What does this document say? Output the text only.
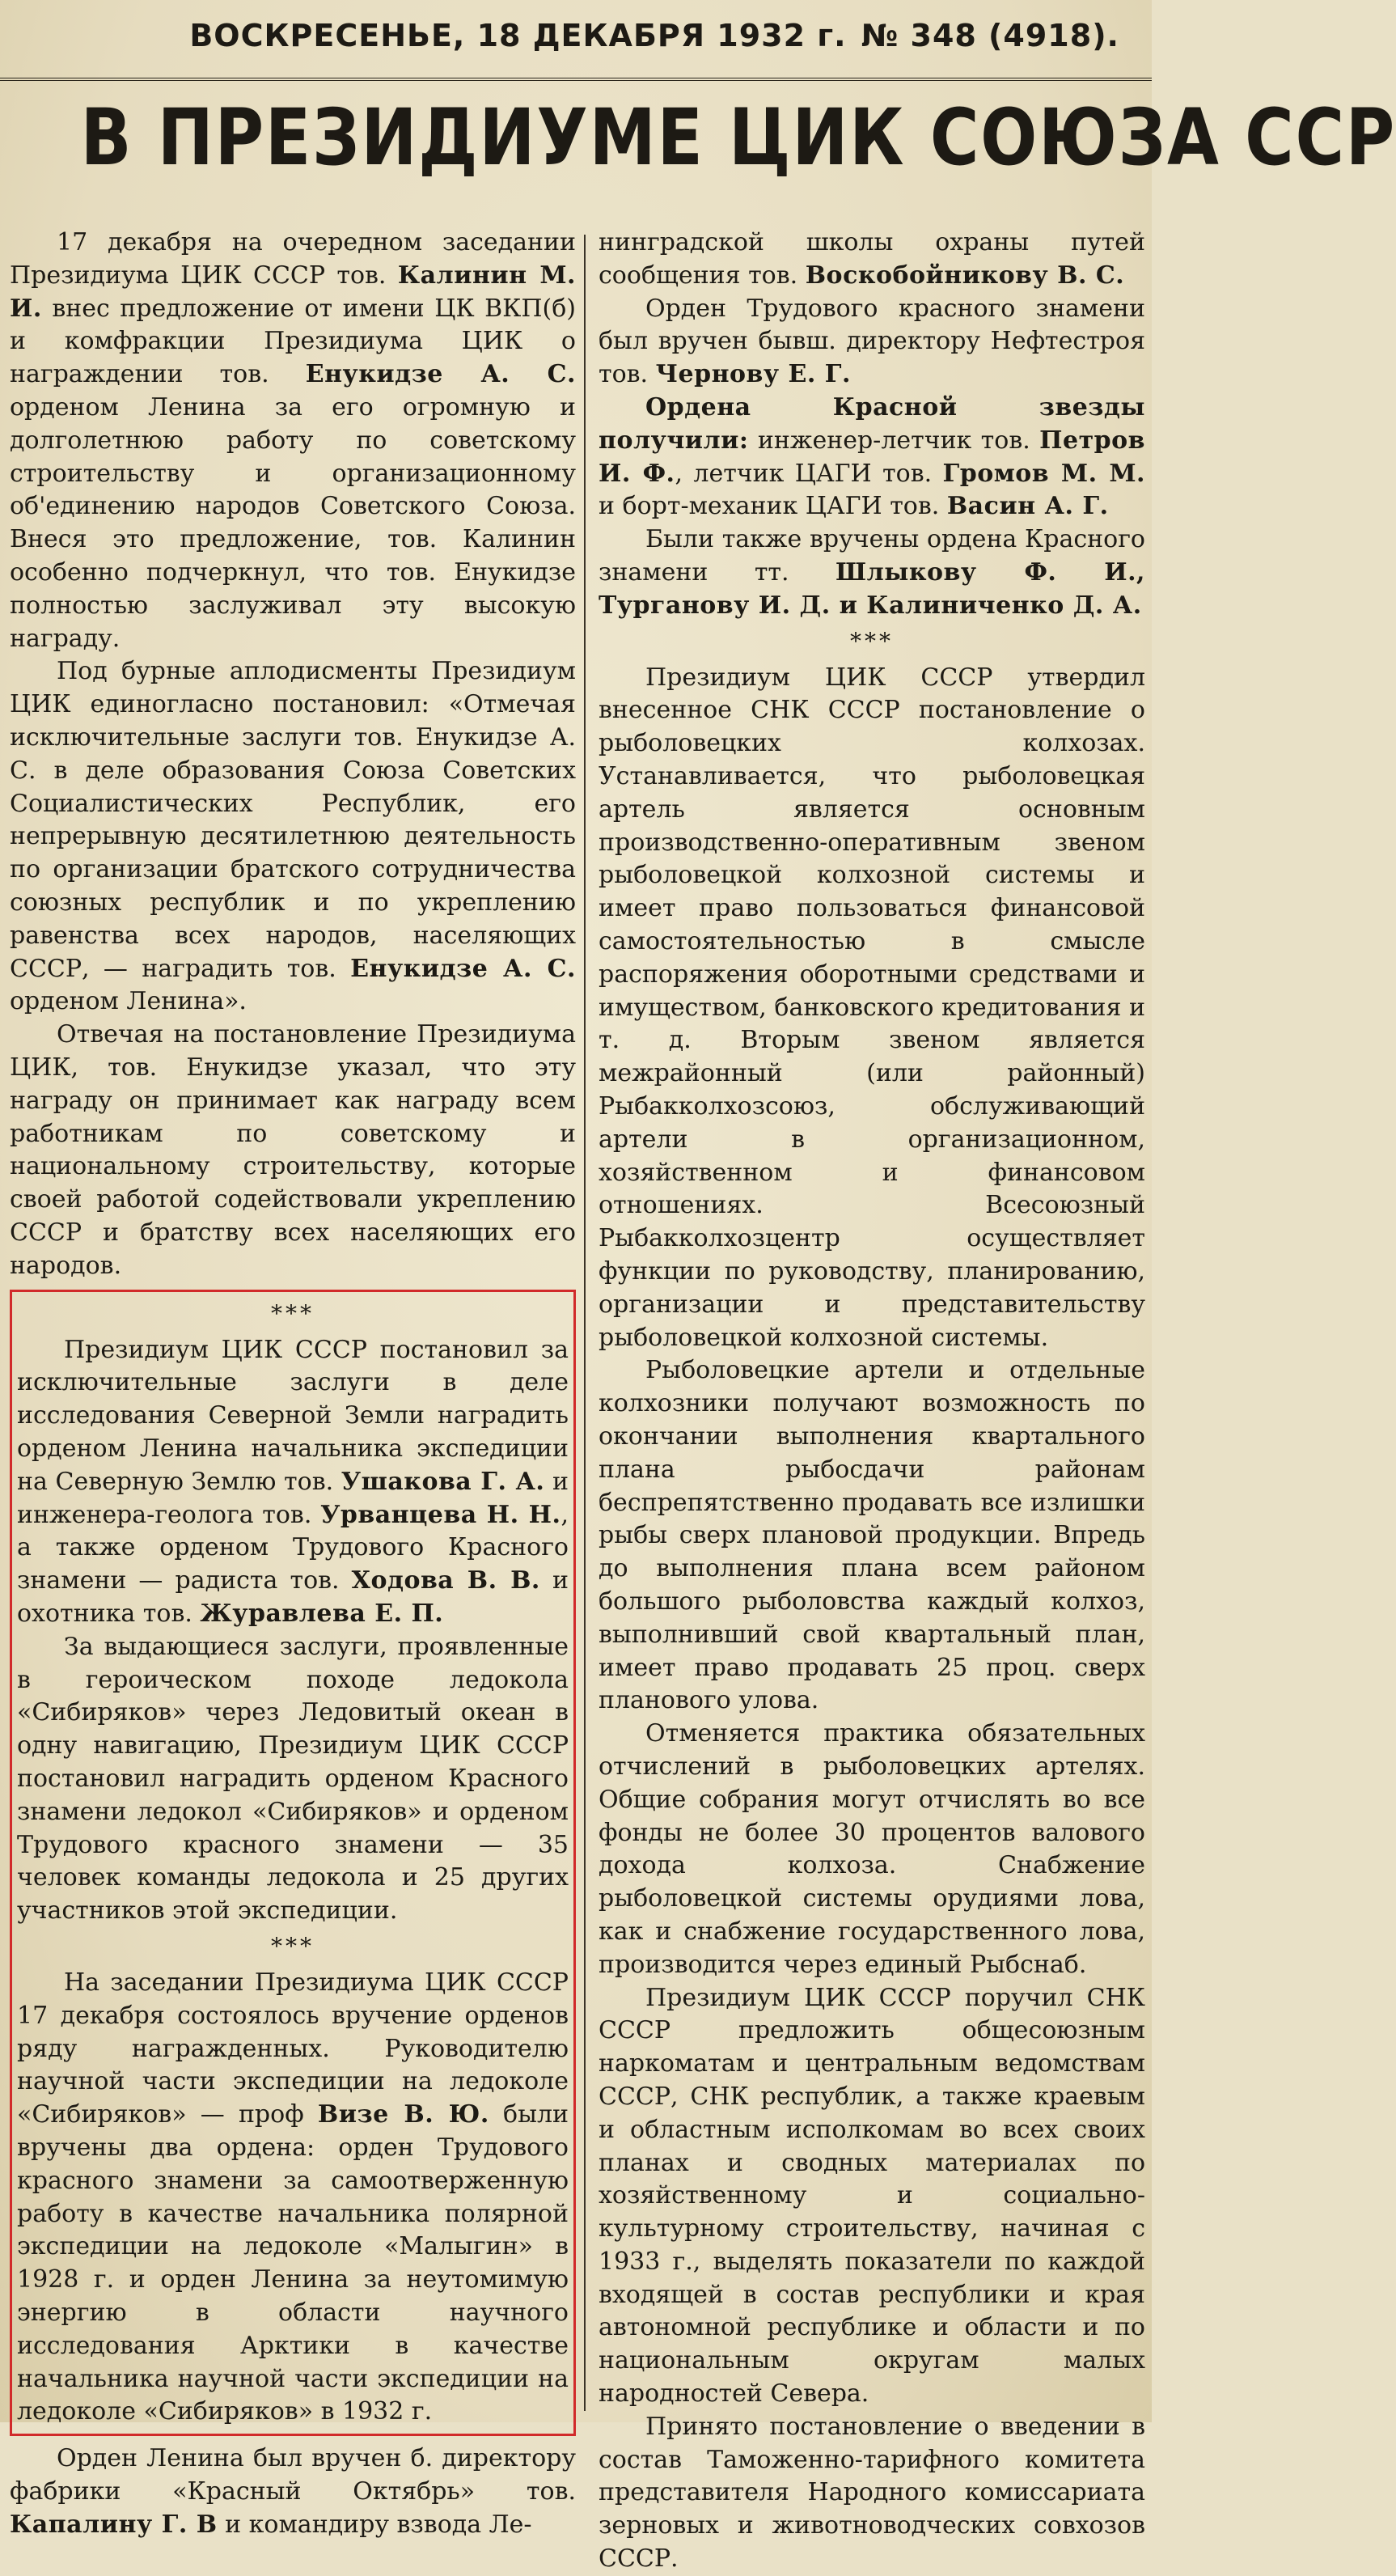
ВОСКРЕСЕНЬЕ, 18 ДЕКАБРЯ 1932 г. № 348 (4918).
В ПРЕЗИДИУМЕ ЦИК СОЮЗА ССР

17 декабря на очередном заседании Президиума ЦИК СССР тов. Калинин М. И. внес предложение от имени ЦК ВКП(б) и комфракции Президиума ЦИК о награждении тов. Енукидзе А. С. орденом Ленина за его огромную и долголетнюю работу по советскому строительству и организационному об'единению народов Советского Союза. Внеся это предложение, тов. Калинин особенно подчеркнул, что тов. Енукидзе полностью заслуживал эту высокую награду.

Под бурные аплодисменты Президиум ЦИК единогласно постановил: «Отмечая исключительные заслуги тов. Енукидзе А. С. в деле образования Союза Советских Социалистических Республик, его непрерывную десятилетнюю деятельность по организации братского сотрудничества союзных республик и по укреплению равенства всех народов, населяющих СССР, — наградить тов. Енукидзе А. С. орденом Ленина».

Отвечая на постановление Президиума ЦИК, тов. Енукидзе указал, что эту награду он принимает как награду всем работникам по советскому и национальному строительству, которые своей работой содействовали укреплению СССР и братству всех населяющих его народов.

***

Президиум ЦИК СССР постановил за исключительные заслуги в деле исследования Северной Земли наградить орденом Ленина начальника экспедиции на Северную Землю тов. Ушакова Г. А. и инженера-геолога тов. Урванцева Н. Н., а также орденом Трудового Красного знамени — радиста тов. Ходова В. В. и охотника тов. Журавлева Е. П.

За выдающиеся заслуги, проявленные в героическом походе ледокола «Сибиряков» через Ледовитый океан в одну навигацию, Президиум ЦИК СССР постановил наградить орденом Красного знамени ледокол «Сибиряков» и орденом Трудового красного знамени — 35 человек команды ледокола и 25 других участников этой экспедиции.

***

На заседании Президиума ЦИК СССР 17 декабря состоялось вручение орденов ряду награжденных. Руководителю научной части экспедиции на ледоколе «Сибиряков» — проф Визе В. Ю. были вручены два ордена: орден Трудового красного знамени за самоотверженную работу в качестве начальника полярной экспедиции на ледоколе «Малыгин» в 1928 г. и орден Ленина за неутомимую энергию в области научного исследования Арктики в качестве начальника научной части экспедиции на ледоколе «Сибиряков» в 1932 г.

Орден Ленина был вручен б. директору фабрики «Красный Октябрь» тов. Капалину Г. В и командиру взвода Ле-

нинградской школы охраны путей сообщения тов. Воскобойникову В. С.

Орден Трудового красного знамени был вручен бывш. директору Нефтестроя тов. Чернову Е. Г.

Ордена Красной звезды получили: инженер-летчик тов. Петров И. Ф., летчик ЦАГИ тов. Громов М. М. и борт-механик ЦАГИ тов. Васин А. Г.

Были также вручены ордена Красного знамени тт. Шлыкову Ф. И., Турганову И. Д. и Калиниченко Д. А.

***

Президиум ЦИК СССР утвердил внесенное СНК СССР постановление о рыболовецких колхозах. Устанавливается, что рыболовецкая артель является основным производственно-оперативным звеном рыболовецкой колхозной системы и имеет право пользоваться финансовой самостоятельностью в смысле распоряжения оборотными средствами и имуществом, банковского кредитования и т. д. Вторым звеном является межрайонный (или районный) Рыбакколхозсоюз, обслуживающий артели в организационном, хозяйственном и финансовом отношениях. Всесоюзный Рыбакколхозцентр осуществляет функции по руководству, планированию, организации и представительству рыболовецкой колхозной системы.

Рыболовецкие артели и отдельные колхозники получают возможность по окончании выполнения квартального плана рыбосдачи районам беспрепятственно продавать все излишки рыбы сверх плановой продукции. Впредь до выполнения плана всем районом большого рыболовства каждый колхоз, выполнивший свой квартальный план, имеет право продавать 25 проц. сверх планового улова.

Отменяется практика обязательных отчислений в рыболовецких артелях. Общие собрания могут отчислять во все фонды не более 30 процентов валового дохода колхоза. Снабжение рыболовецкой системы орудиями лова, как и снабжение государственного лова, производится через единый Рыбснаб.

Президиум ЦИК СССР поручил СНК СССР предложить общесоюзным наркоматам и центральным ведомствам СССР, СНК республик, а также краевым и областным исполкомам во всех своих планах и сводных материалах по хозяйственному и социально-культурному строительству, начиная с 1933 г., выделять показатели по каждой входящей в состав республики и края автономной республике и области и по национальным округам малых народностей Севера.

Принято постановление о введении в состав Таможенно-тарифного комитета представителя Народного комиссариата зерновых и животноводческих совхозов СССР.
